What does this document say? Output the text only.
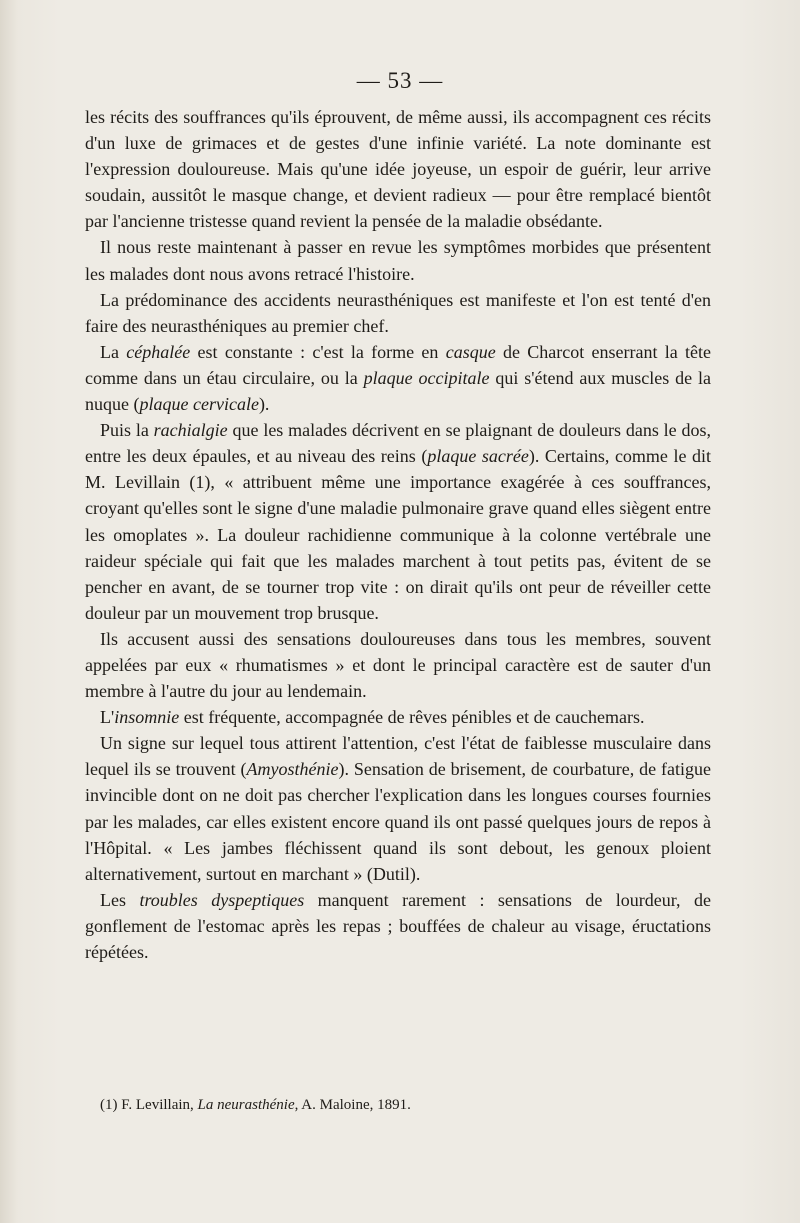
— 53 —

les récits des souffrances qu'ils éprouvent, de même aussi, ils accompagnent ces récits d'un luxe de grimaces et de gestes d'une infinie variété. La note dominante est l'expression douloureuse. Mais qu'une idée joyeuse, un espoir de guérir, leur arrive soudain, aussitôt le masque change, et devient radieux — pour être remplacé bientôt par l'ancienne tristesse quand revient la pensée de la maladie obsédante.

Il nous reste maintenant à passer en revue les symptômes morbides que présentent les malades dont nous avons retracé l'histoire.

La prédominance des accidents neurasthéniques est manifeste et l'on est tenté d'en faire des neurasthéniques au premier chef.

La céphalée est constante : c'est la forme en casque de Charcot enserrant la tête comme dans un étau circulaire, ou la plaque occipitale qui s'étend aux muscles de la nuque (plaque cervicale).

Puis la rachialgie que les malades décrivent en se plaignant de douleurs dans le dos, entre les deux épaules, et au niveau des reins (plaque sacrée). Certains, comme le dit M. Levillain (1), « attribuent même une importance exagérée à ces souffrances, croyant qu'elles sont le signe d'une maladie pulmonaire grave quand elles siègent entre les omoplates ». La douleur rachidienne communique à la colonne vertébrale une raideur spéciale qui fait que les malades marchent à tout petits pas, évitent de se pencher en avant, de se tourner trop vite : on dirait qu'ils ont peur de réveiller cette douleur par un mouvement trop brusque.

Ils accusent aussi des sensations douloureuses dans tous les membres, souvent appelées par eux « rhumatismes » et dont le principal caractère est de sauter d'un membre à l'autre du jour au lendemain.

L'insomnie est fréquente, accompagnée de rêves pénibles et de cauchemars.

Un signe sur lequel tous attirent l'attention, c'est l'état de faiblesse musculaire dans lequel ils se trouvent (Amyosthénie). Sensation de brisement, de courbature, de fatigue invincible dont on ne doit pas chercher l'explication dans les longues courses fournies par les malades, car elles existent encore quand ils ont passé quelques jours de repos à l'Hôpital. « Les jambes fléchissent quand ils sont debout, les genoux ploient alternativement, surtout en marchant » (Dutil).

Les troubles dyspeptiques manquent rarement : sensations de lourdeur, de gonflement de l'estomac après les repas ; bouffées de chaleur au visage, éructations répétées.

(1) F. Levillain, La neurasthénie, A. Maloine, 1891.
